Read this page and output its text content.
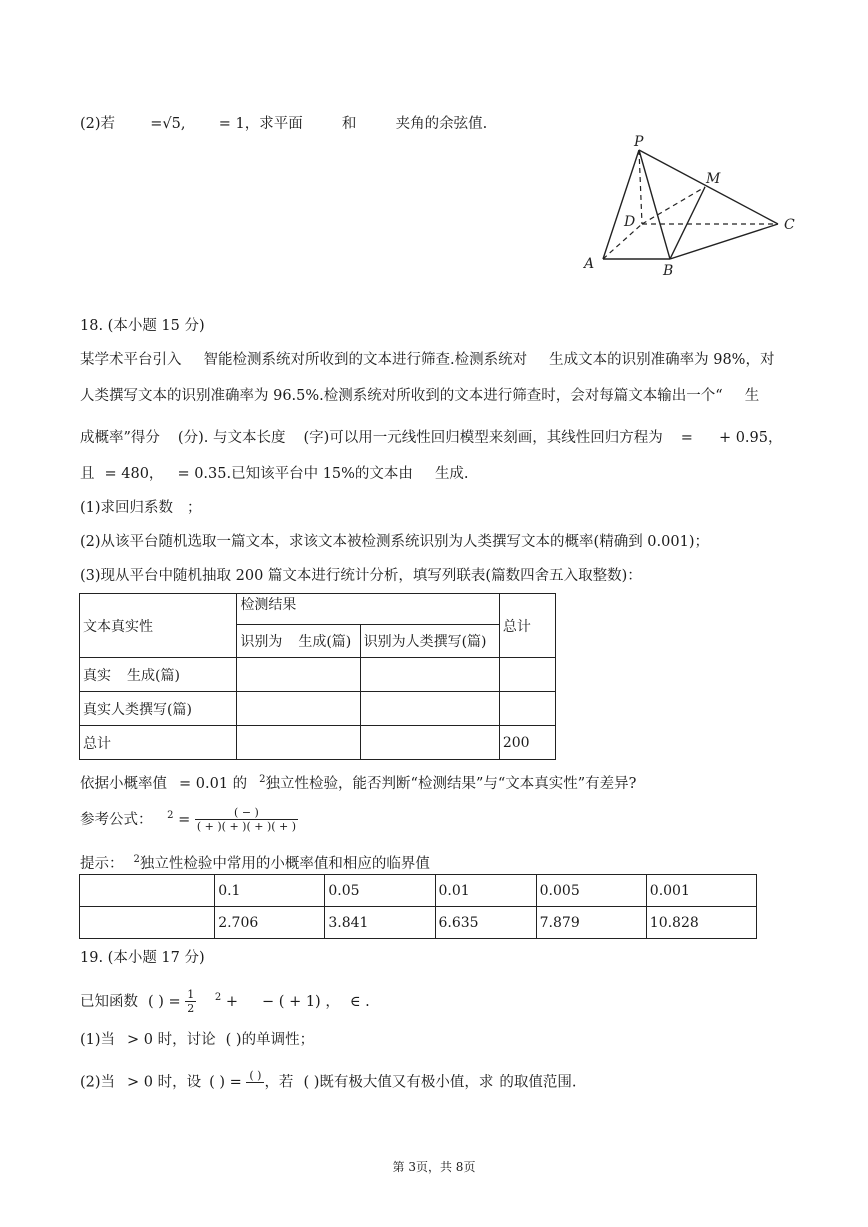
(2)若 =√5, = 1，求平面	和	夹角的余弦值.
P
M
D	C
A	B
18. (本小题 15 分)
某学术平台引入 智能检测系统对所收到的文本进行筛查.检测系统对 生成文本的识别准确率为 98%，对
人类撰写文本的识别准确率为 96.5%.检测系统对所收到的文本进行筛查时，会对每篇文本输出一个“ 生
成概率”得分 (分). 与文本长度 (字)可以用一元线性回归模型来刻画，其线性回归方程为 = + 0.95，
且 = 480， = 0.35.已知该平台中 15%的文本由 生成.
(1)求回归系数 ；
(2)从该平台随机选取一篇文本，求该文本被检测系统识别为人类撰写文本的概率(精确到 0.001)；
(3)现从平台中随机抽取 200 篇文本进行统计分析，填写列联表(篇数四舍五入取整数)：
文本真实性	检测结果		总计
	识别为 生成(篇)	识别为人类撰写(篇)	
真实 生成(篇)			
真实人类撰写(篇)			
总计			200
依据小概率值 = 0.01 的 $^2$独立性检验，能否判断“检测结果”与“文本真实性”有差异?
参考公式： $^2 = \frac{( - )}{( + )( + )( + )( + )}$
提示： $^2$独立性检验中常用的小概率值和相应的临界值
	0.1	0.05	0.01	0.005	0.001
	2.706	3.841	6.635	7.879	10.828
19. (本小题 17 分)
已知函数 ( ) = $\frac{1}{2} ^2$ + − ( + 1) ， ∈ .
(1)当 > 0 时，讨论 ( )的单调性；
(2)当 > 0 时，设 ( ) = ( )
，若 ( )既有极大值又有极小值，求 的取值范围.
第 3页，共 8页
